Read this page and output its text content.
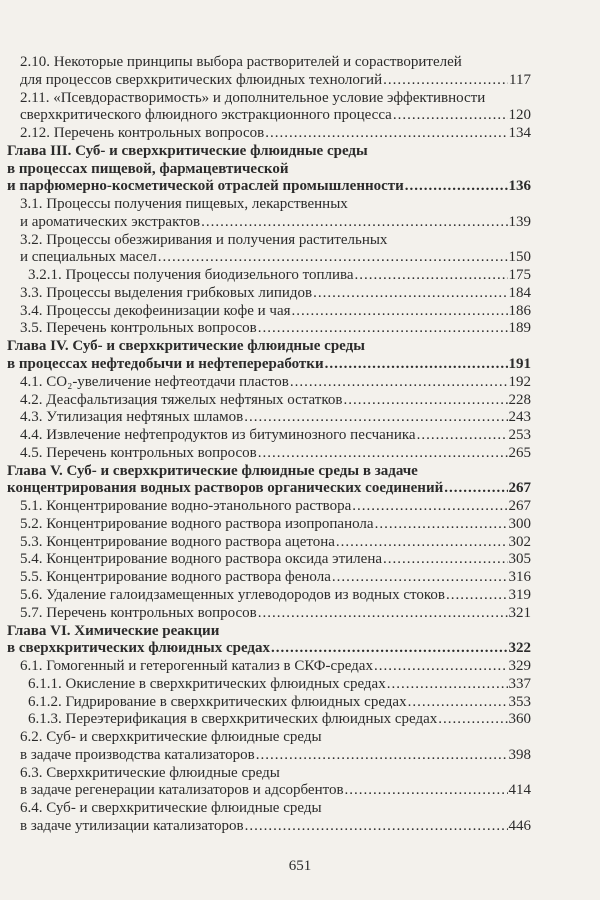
2.10. Некоторые принципы выбора растворителей и сорастворителей
для процессов сверхкритических флюидных технологий .....	117
2.11. «Псевдорастворимость» и дополнительное условие эффективности
сверхкритического флюидного экстракционного процесса .....	120
2.12. Перечень контрольных вопросов .....	134
Глава III. Суб- и сверхкритические флюидные среды
в процессах пищевой, фармацевтической
и парфюмерно-косметической отраслей промышленности .....	136
3.1. Процессы получения пищевых, лекарственных
и ароматических экстрактов .....	139
3.2. Процессы обезжиривания и получения растительных
и специальных масел .....	150
3.2.1. Процессы получения биодизельного топлива .....	175
3.3. Процессы выделения грибковых липидов .....	184
3.4. Процессы декофеинизации кофе и чая .....	186
3.5. Перечень контрольных вопросов .....	189
Глава IV. Суб- и сверхкритические флюидные среды
в процессах нефтедобычи и нефтепереработки .....	191
4.1. CO₂-увеличение нефтеотдачи пластов .....	192
4.2. Деасфальтизация тяжелых нефтяных остатков .....	228
4.3. Утилизация нефтяных шламов .....	243
4.4. Извлечение нефтепродуктов из битуминозного песчаника .....	253
4.5. Перечень контрольных вопросов .....	265
Глава V. Суб- и сверхкритические флюидные среды в задаче
концентрирования водных растворов органических соединений .....	267
5.1. Концентрирование водно-этанольного раствора .....	267
5.2. Концентрирование водного раствора изопропанола .....	300
5.3. Концентрирование водного раствора ацетона .....	302
5.4. Концентрирование водного раствора оксида этилена .....	305
5.5. Концентрирование водного раствора фенола .....	316
5.6. Удаление галоидзамещенных углеводородов из водных стоков .....	319
5.7. Перечень контрольных вопросов .....	321
Глава VI. Химические реакции
в сверхкритических флюидных средах .....	322
6.1. Гомогенный и гетерогенный катализ в СКФ-средах .....	329
6.1.1. Окисление в сверхкритических флюидных средах .....	337
6.1.2. Гидрирование в сверхкритических флюидных средах .....	353
6.1.3. Переэтерификация в сверхкритических флюидных средах .....	360
6.2. Суб- и сверхкритические флюидные среды
в задаче производства катализаторов .....	398
6.3. Сверхкритические флюидные среды
в задаче регенерации катализаторов и адсорбентов .....	414
6.4. Суб- и сверхкритические флюидные среды
в задаче утилизации катализаторов .....	446
651
